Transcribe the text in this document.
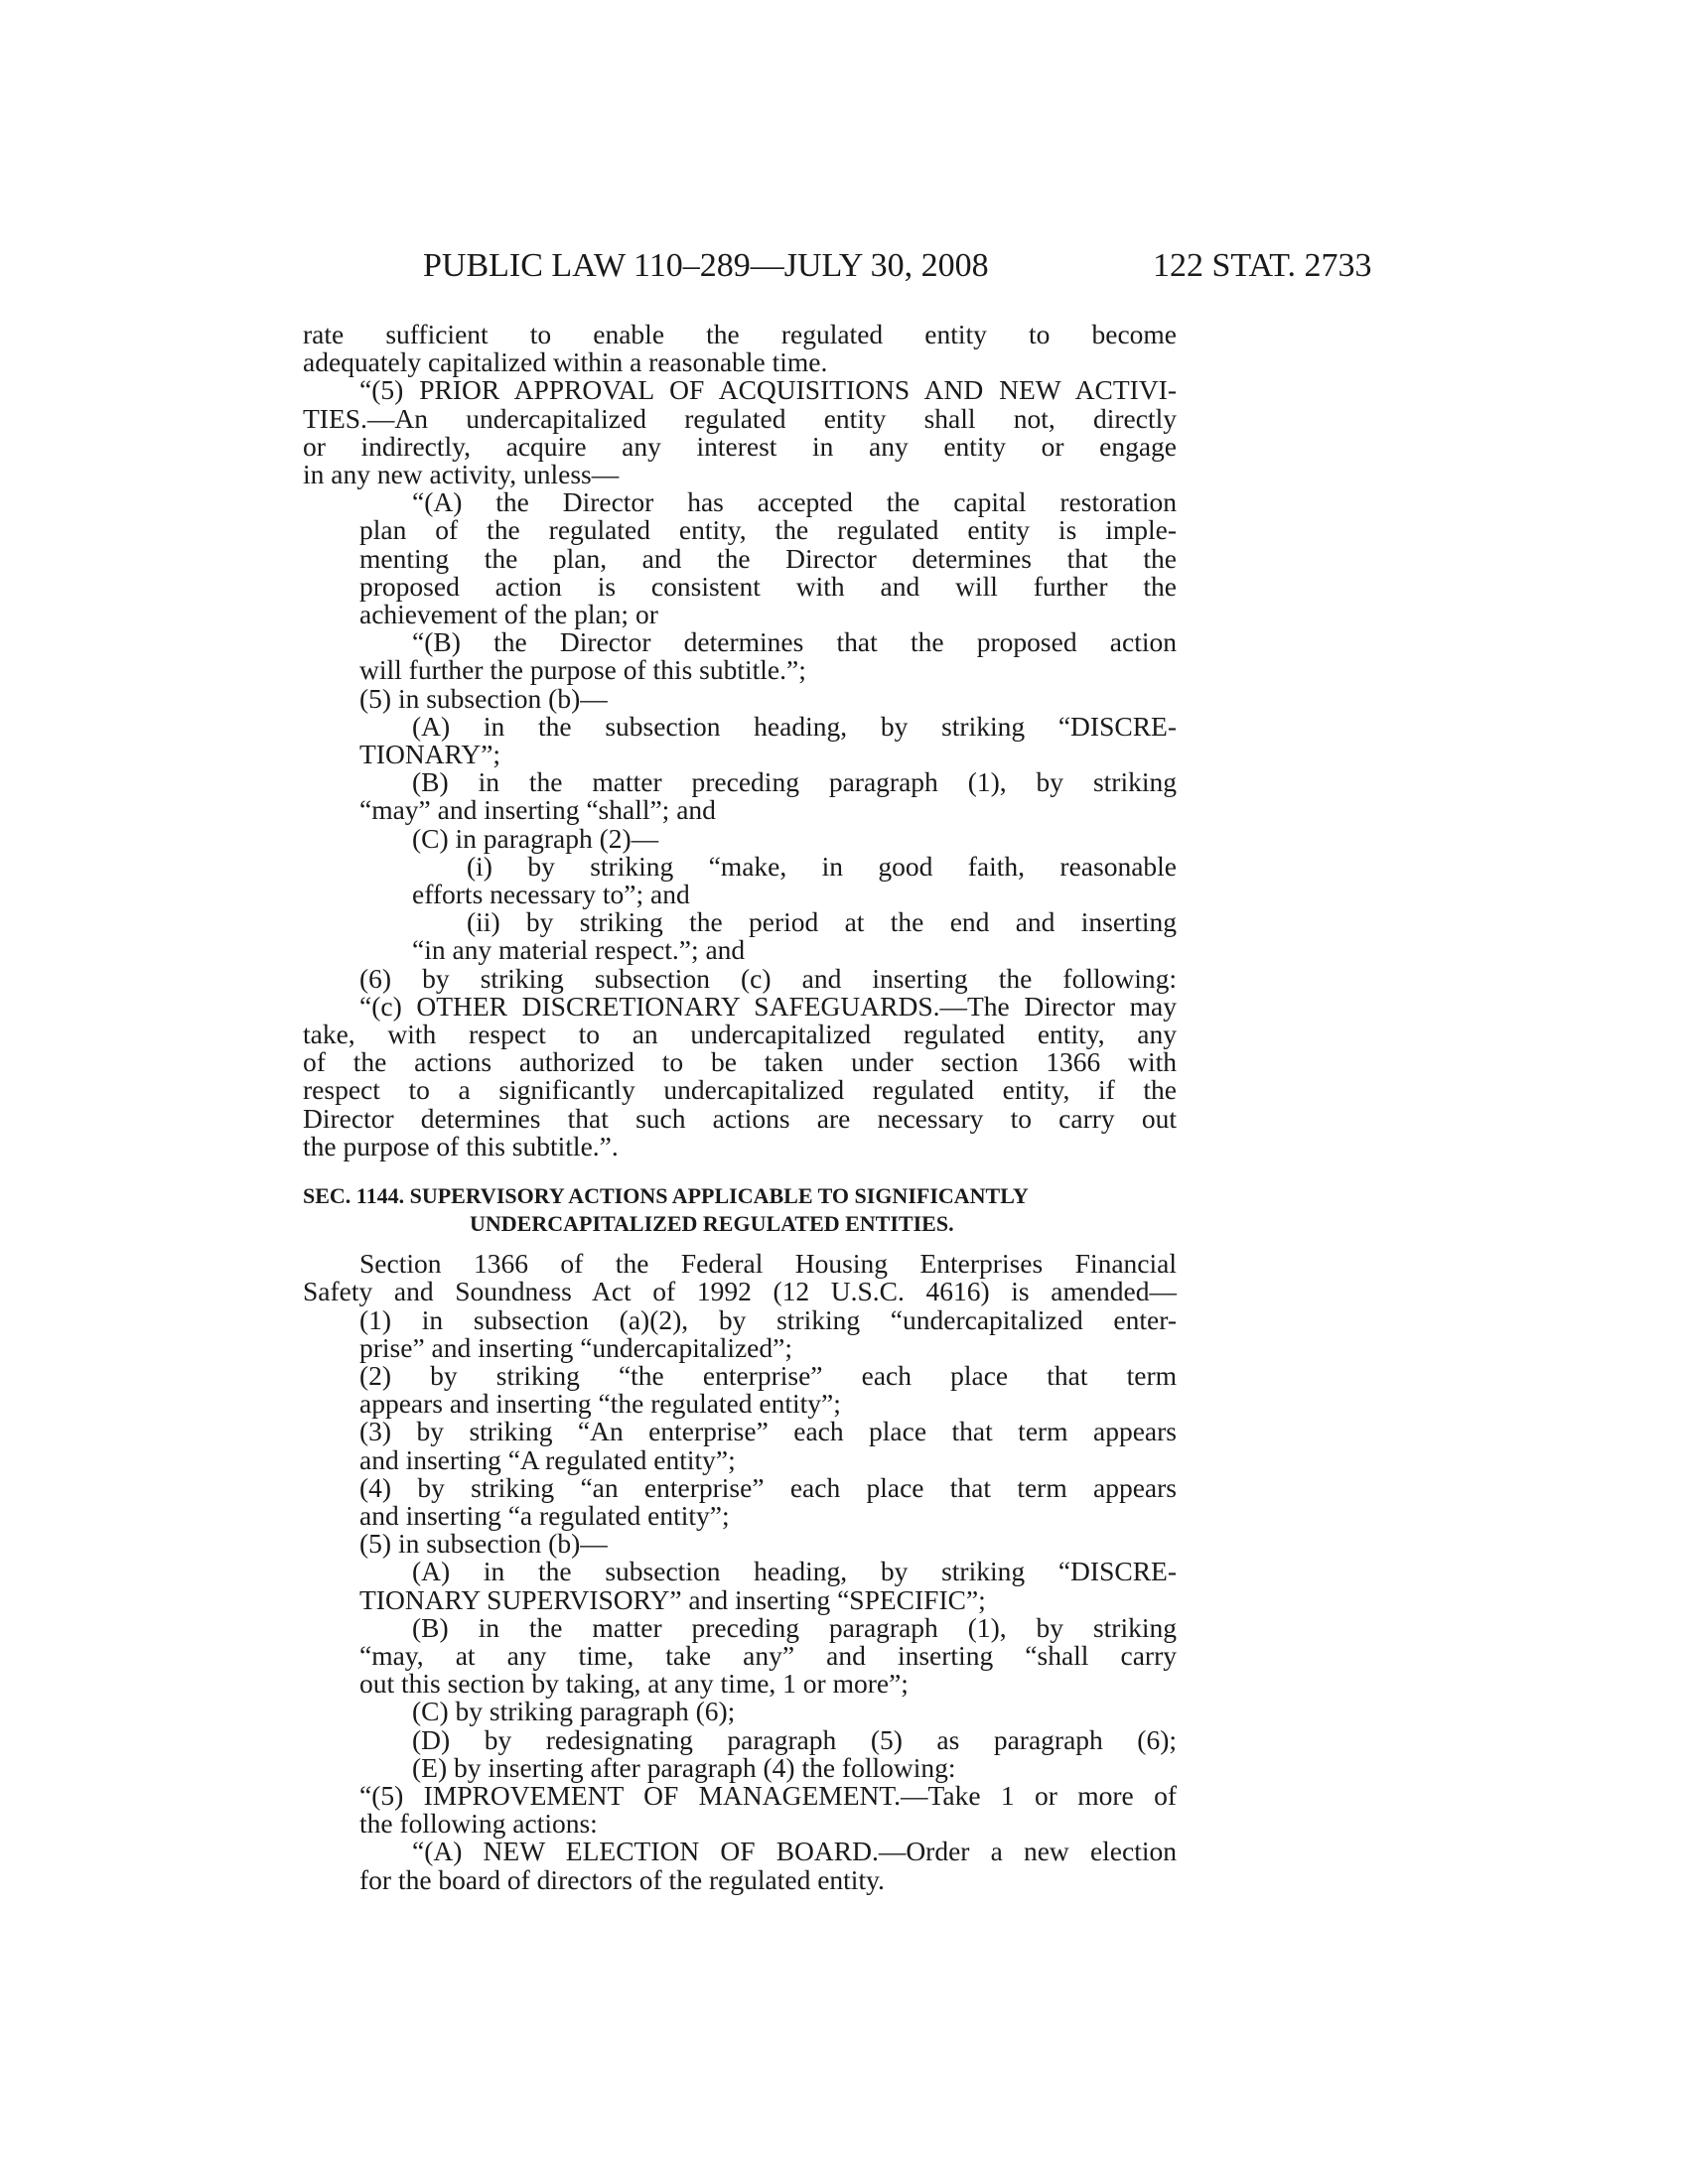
PUBLIC LAW 110–289—JULY 30, 2008	122 STAT. 2733
rate sufficient to enable the regulated entity to become
adequately capitalized within a reasonable time.
“(5) PRIOR APPROVAL OF ACQUISITIONS AND NEW ACTIVI-
TIES.—An undercapitalized regulated entity shall not, directly
or indirectly, acquire any interest in any entity or engage
in any new activity, unless—
“(A) the Director has accepted the capital restoration
plan of the regulated entity, the regulated entity is imple-
menting the plan, and the Director determines that the
proposed action is consistent with and will further the
achievement of the plan; or
“(B) the Director determines that the proposed action
will further the purpose of this subtitle.”;
(5) in subsection (b)—
(A) in the subsection heading, by striking “DISCRE-
TIONARY”;
(B) in the matter preceding paragraph (1), by striking
“may” and inserting “shall”; and
(C) in paragraph (2)—
(i) by striking “make, in good faith, reasonable
efforts necessary to”; and
(ii) by striking the period at the end and inserting
“in any material respect.”; and
(6) by striking subsection (c) and inserting the following:
“(c) OTHER DISCRETIONARY SAFEGUARDS.—The Director may
take, with respect to an undercapitalized regulated entity, any
of the actions authorized to be taken under section 1366 with
respect to a significantly undercapitalized regulated entity, if the
Director determines that such actions are necessary to carry out
the purpose of this subtitle.”.
SEC. 1144. SUPERVISORY ACTIONS APPLICABLE TO SIGNIFICANTLY
UNDERCAPITALIZED REGULATED ENTITIES.
Section 1366 of the Federal Housing Enterprises Financial
Safety and Soundness Act of 1992 (12 U.S.C. 4616) is amended—
(1) in subsection (a)(2), by striking “undercapitalized enter-
prise” and inserting “undercapitalized”;
(2) by striking “the enterprise” each place that term
appears and inserting “the regulated entity”;
(3) by striking “An enterprise” each place that term appears
and inserting “A regulated entity”;
(4) by striking “an enterprise” each place that term appears
and inserting “a regulated entity”;
(5) in subsection (b)—
(A) in the subsection heading, by striking “DISCRE-
TIONARY SUPERVISORY” and inserting “SPECIFIC”;
(B) in the matter preceding paragraph (1), by striking
“may, at any time, take any” and inserting “shall carry
out this section by taking, at any time, 1 or more”;
(C) by striking paragraph (6);
(D) by redesignating paragraph (5) as paragraph (6);
(E) by inserting after paragraph (4) the following:
“(5) IMPROVEMENT OF MANAGEMENT.—Take 1 or more of
the following actions:
“(A) NEW ELECTION OF BOARD.—Order a new election
for the board of directors of the regulated entity.
